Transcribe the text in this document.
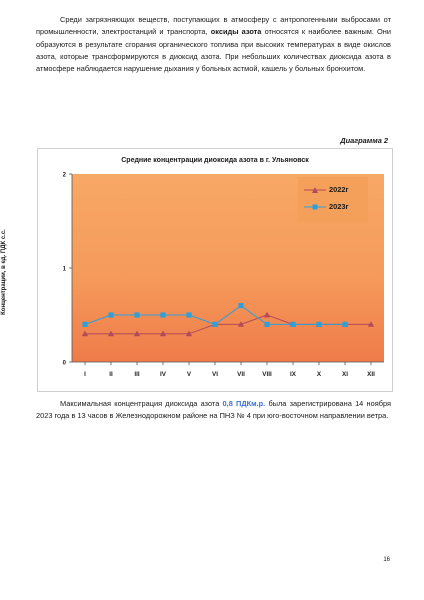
Среди загрязняющих веществ, поступающих в атмосферу с антропогенными выбросами от промышленности, электростанций и транспорта, оксиды азота относятся к наиболее важным. Они образуются в результате сгорания органического топлива при высоких температурах в виде окислов азота, которые трансформируются в диоксид азота. При небольших количествах диоксида азота в атмосфере наблюдается нарушение дыхания у больных астмой, кашель у больных бронхитом.

Диаграмма 2
Средние концентрации диоксида азота в г. Ульяновск
Концентрации, в ед. ПДК с.с.
0
1
2
I	II	III	IV	V	VI	VII	VIII	IX	X	XI	XII
2022г
2023г

Максимальная концентрация диоксида азота 0,8 ПДКм.р. была зарегистрирована 14 ноября 2023 года в 13 часов в Железнодорожном районе на ПНЗ № 4 при юго-восточном направлении ветра.

16
